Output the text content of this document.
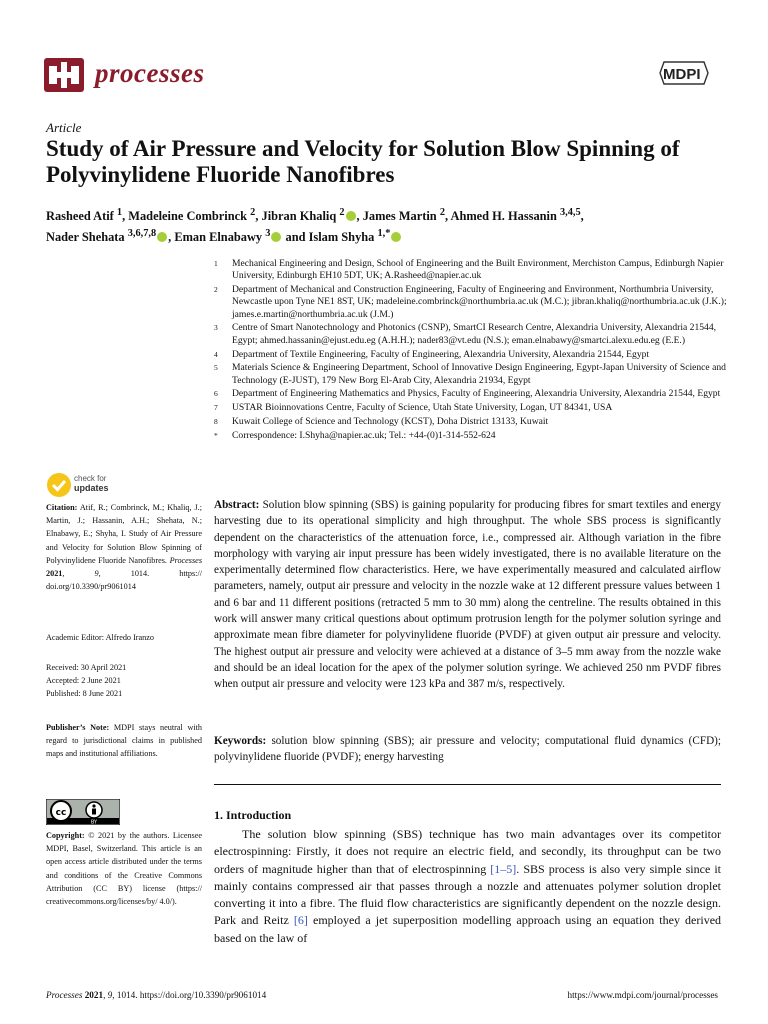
processes	MDPI
Article
Study of Air Pressure and Velocity for Solution Blow Spinning of Polyvinylidene Fluoride Nanofibres
Rasheed Atif $^1$, Madeleine Combrinck $^2$, Jibran Khaliq $^2$ , James Martin $^2$, Ahmed H. Hassanin $^{3,4,5}$,
Nader Shehata $^{3,6,7,8}$ , Eman Elnabawy $^3$ and Islam Shyha $^{1,*}$
1	Mechanical Engineering and Design, School of Engineering and the Built Environment, Merchiston Campus, Edinburgh Napier University, Edinburgh EH10 5DT, UK; A.Rasheed@napier.ac.uk
2	Department of Mechanical and Construction Engineering, Faculty of Engineering and Environment, Northumbria University, Newcastle upon Tyne NE1 8ST, UK; madeleine.combrinck@northumbria.ac.uk (M.C.); jibran.khaliq@northumbria.ac.uk (J.K.); james.e.martin@northumbria.ac.uk (J.M.)
3	Centre of Smart Nanotechnology and Photonics (CSNP), SmartCI Research Centre, Alexandria University, Alexandria 21544, Egypt; ahmed.hassanin@ejust.edu.eg (A.H.H.); nader83@vt.edu (N.S.); eman.elnabawy@smartci.alexu.edu.eg (E.E.)
4	Department of Textile Engineering, Faculty of Engineering, Alexandria University, Alexandria 21544, Egypt
5	Materials Science & Engineering Department, School of Innovative Design Engineering, Egypt-Japan University of Science and Technology (E-JUST), 179 New Borg El-Arab City, Alexandria 21934, Egypt
6	Department of Engineering Mathematics and Physics, Faculty of Engineering, Alexandria University, Alexandria 21544, Egypt
7	USTAR Bioinnovations Centre, Faculty of Science, Utah State University, Logan, UT 84341, USA
8	Kuwait College of Science and Technology (KCST), Doha District 13133, Kuwait
*	Correspondence: I.Shyha@napier.ac.uk; Tel.: +44-(0)1-314-552-624
check for
updates
Citation: Atif, R.; Combrinck, M.; Khaliq, J.; Martin, J.; Hassanin, A.H.; Shehata, N.; Elnabawy, E.; Shyha, I. Study of Air Pressure and Velocity for Solution Blow Spinning of Polyvinylidene Fluoride Nanofibres. Processes 2021, 9, 1014. https:// doi.org/10.3390/pr9061014
Academic Editor: Alfredo Iranzo
Received: 30 April 2021
Accepted: 2 June 2021
Published: 8 June 2021
Publisher’s Note: MDPI stays neutral with regard to jurisdictional claims in published maps and institutional affiliations.
cc
BY
Copyright: © 2021 by the authors. Licensee MDPI, Basel, Switzerland. This article is an open access article distributed under the terms and conditions of the Creative Commons Attribution (CC BY) license (https:// creativecommons.org/licenses/by/ 4.0/).
Abstract: Solution blow spinning (SBS) is gaining popularity for producing fibres for smart textiles and energy harvesting due to its operational simplicity and high throughput. The whole SBS process is significantly dependent on the characteristics of the attenuation force, i.e., compressed air. Although variation in the fibre morphology with varying air input pressure has been widely investigated, there is no available literature on the experimentally determined flow characteristics. Here, we have experimentally measured and calculated airflow parameters, namely, output air pressure and velocity in the nozzle wake at 12 different pressure values between 1 and 6 bar and 11 different positions (retracted 5 mm to 30 mm) along the centreline. The results obtained in this work will answer many critical questions about optimum protrusion length for the polymer solution syringe and approximate mean fibre diameter for polyvinylidene fluoride (PVDF) at given output air pressure and velocity. The highest output air pressure and velocity were achieved at a distance of 3–5 mm away from the nozzle wake and should be an ideal location for the apex of the polymer solution syringe. We achieved 250 nm PVDF fibres when output air pressure and velocity were 123 kPa and 387 m/s, respectively.
Keywords: solution blow spinning (SBS); air pressure and velocity; computational fluid dynamics (CFD); polyvinylidene fluoride (PVDF); energy harvesting
1. Introduction
The solution blow spinning (SBS) technique has two main advantages over its competitor electrospinning: Firstly, it does not require an electric field, and secondly, its throughput can be two orders of magnitude higher than that of electrospinning [1–5]. SBS process is also very simple since it mainly contains compressed air that passes through a nozzle and attenuates polymer solution droplet converting it into a fibre. The fluid flow characteristics are significantly dependent on the nozzle design. Park and Reitz [6] employed a jet superposition modelling approach using an equation they derived based on the law of
Processes 2021, 9, 1014. https://doi.org/10.3390/pr9061014	https://www.mdpi.com/journal/processes
